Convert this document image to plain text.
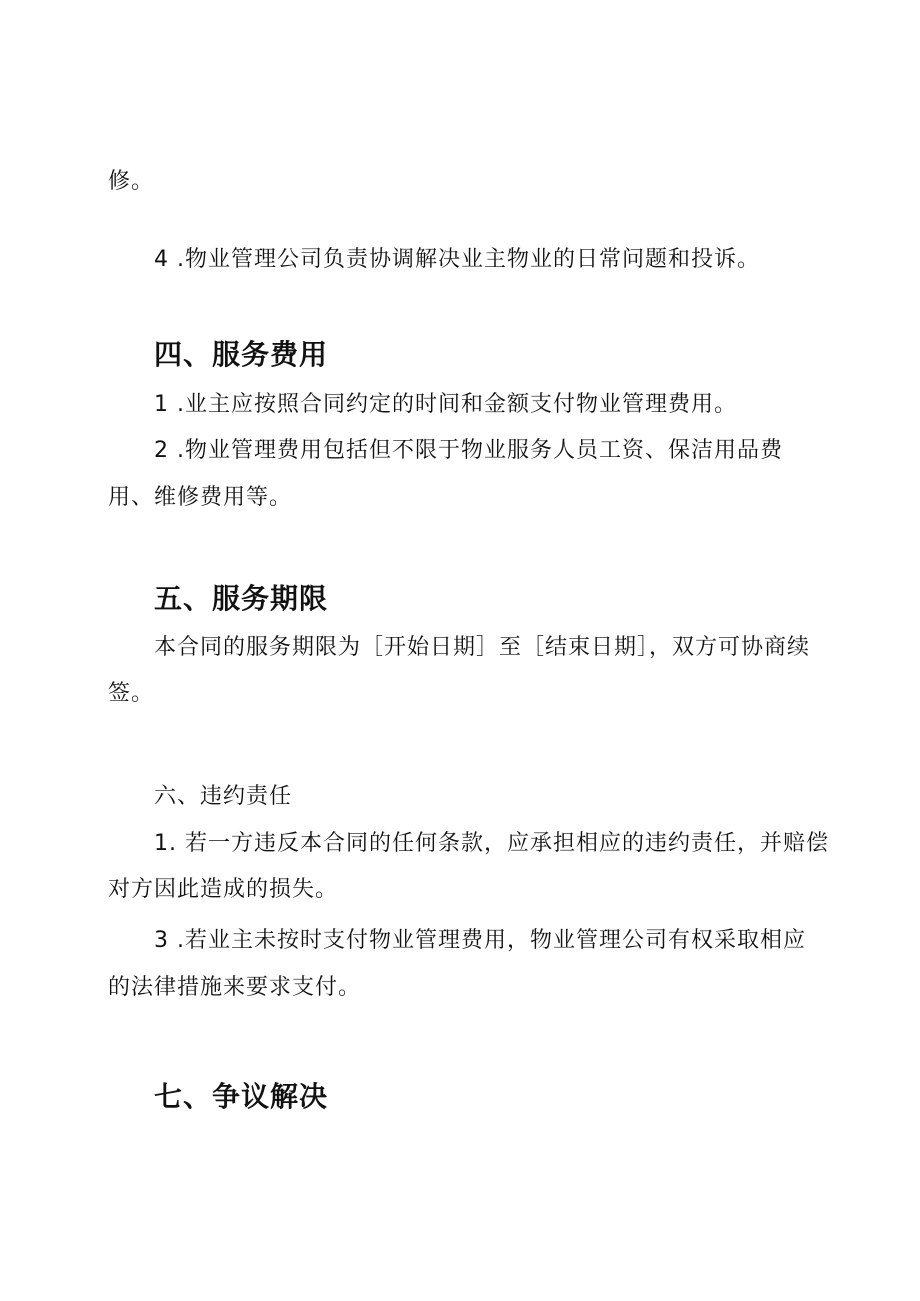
修。
4 .物业管理公司负责协调解决业主物业的日常问题和投诉。
四、服务费用
1 .业主应按照合同约定的时间和金额支付物业管理费用。
2 .物业管理费用包括但不限于物业服务人员工资、保洁用品费
用、维修费用等。
五、服务期限
本合同的服务期限为［开始日期］至［结束日期］，双方可协商续
签。
六、违约责任
1. 若一方违反本合同的任何条款，应承担相应的违约责任，并赔偿
对方因此造成的损失。
3 .若业主未按时支付物业管理费用，物业管理公司有权采取相应
的法律措施来要求支付。
七、争议解决
